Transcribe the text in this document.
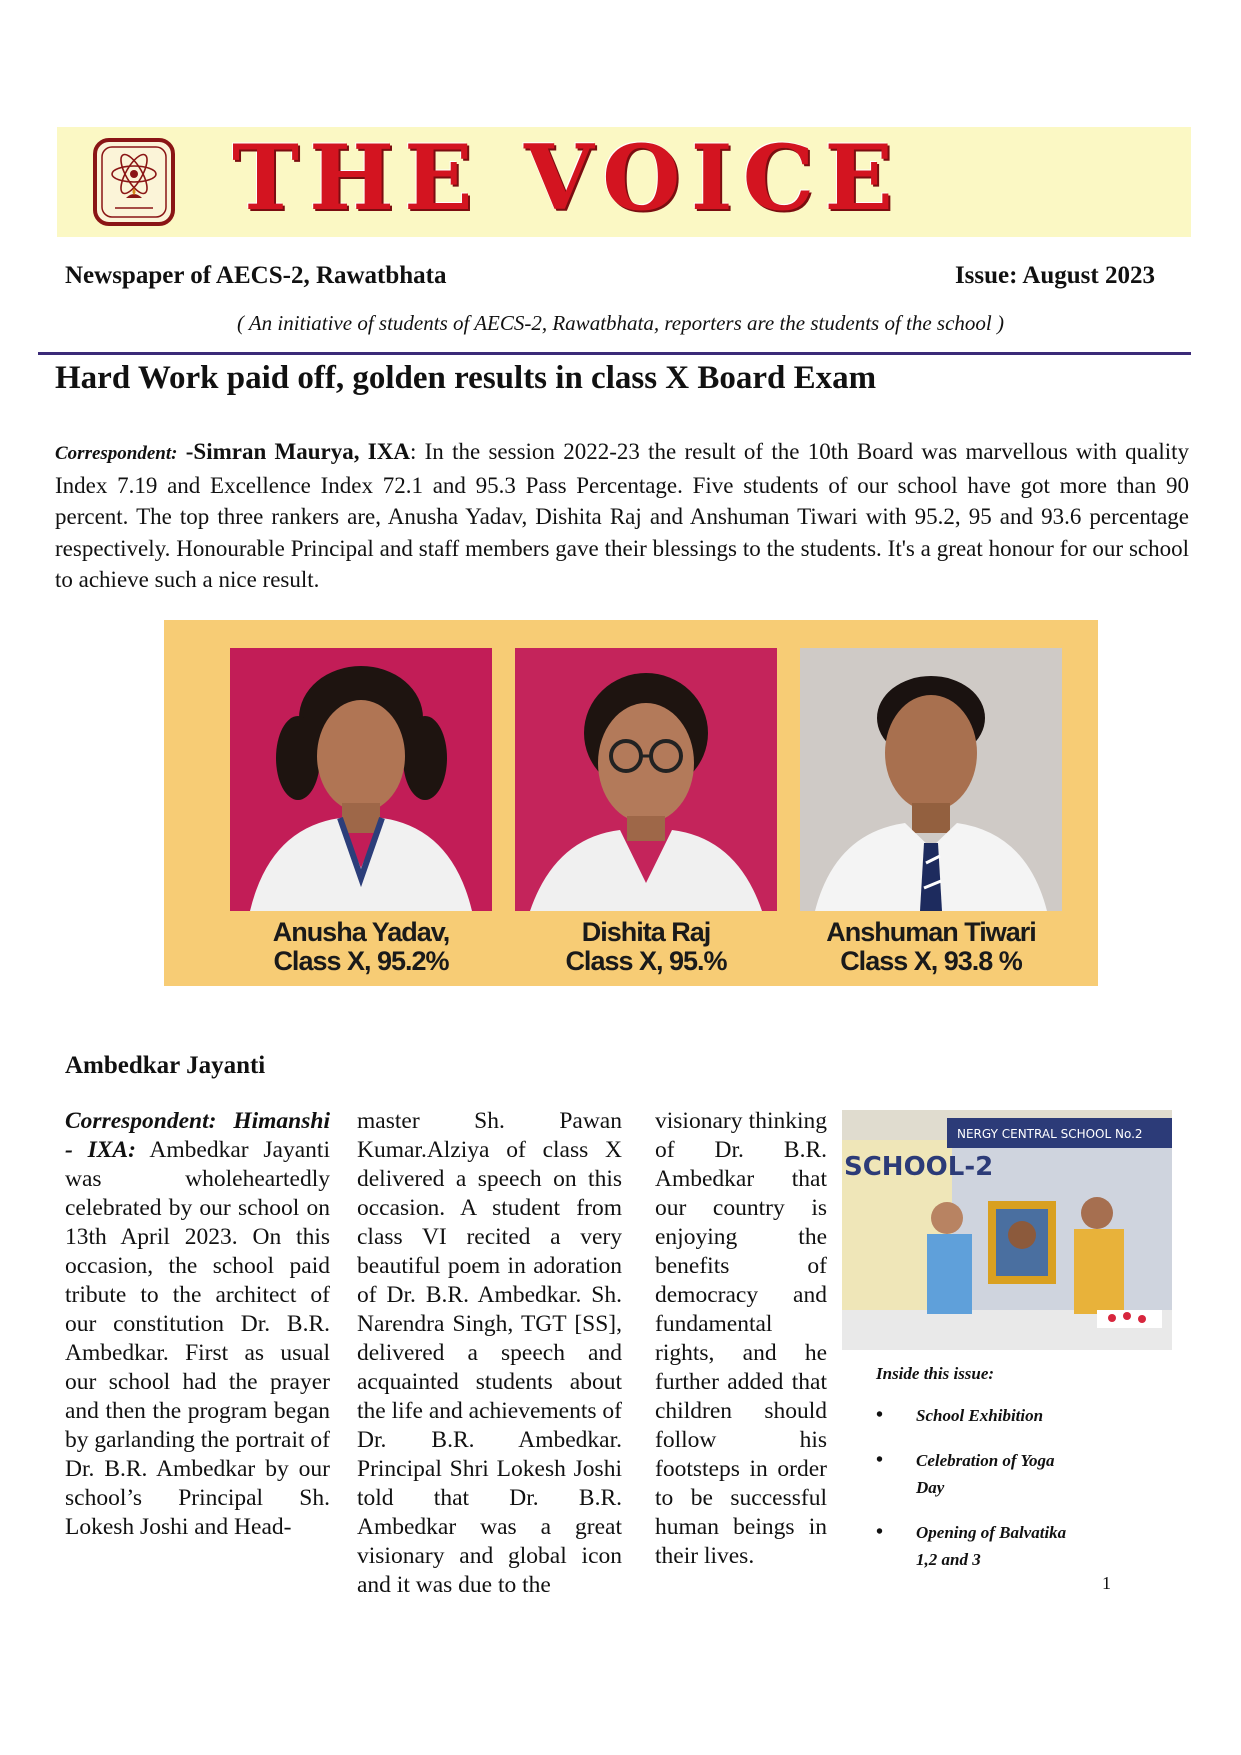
THE VOICE
Newspaper of AECS-2, Rawatbhata	Issue: August 2023
( An initiative of students of AECS-2, Rawatbhata, reporters are the students of the school )
Hard Work paid off, golden results in class X Board Exam
Correspondent: -Simran Maurya, IXA: In the session 2022-23 the result of the 10th Board was marvellous with quality Index 7.19 and Excellence Index 72.1 and 95.3 Pass Percentage. Five students of our school have got more than 90 percent. The top three rankers are, Anusha Yadav, Dishita Raj and Anshuman Tiwari with 95.2, 95 and 93.6 percentage respectively. Honourable Principal and staff members gave their blessings to the students. It's a great honour for our school to achieve such a nice result.
Anusha Yadav,
Class X, 95.2%
Dishita Raj
Class X, 95.%
Anshuman Tiwari
Class X, 93.8 %
Ambedkar Jayanti
Correspondent: Himanshi - IXA: Ambedkar Jayanti was wholeheartedly celebrated by our school on 13th April 2023. On this occasion, the school paid tribute to the architect of our constitution Dr. B.R. Ambedkar. First as usual our school had the prayer and then the program began by garlanding the portrait of Dr. B.R. Ambedkar by our school’s Principal Sh. Lokesh Joshi and Head-
master Sh. Pawan Kumar.Alziya of class X delivered a speech on this occasion. A student from class VI recited a very beautiful poem in adoration of Dr. B.R. Ambedkar. Sh. Narendra Singh, TGT [SS], delivered a speech and acquainted students about the life and achievements of Dr. B.R. Ambedkar. Principal Shri Lokesh Joshi told that Dr. B.R. Ambedkar was a great visionary and global icon and it was due to the
visionary thinking of Dr. B.R. Ambedkar that our country is enjoying the benefits of democracy and fundamental rights, and he further added that children should follow his footsteps in order to be successful human beings in their lives.
NERGY CENTRAL SCHOOL No.2
SCHOOL-2
Inside this issue:
• School Exhibition
• Celebration of Yoga Day
• Opening of Balvatika 1,2 and 3
1
